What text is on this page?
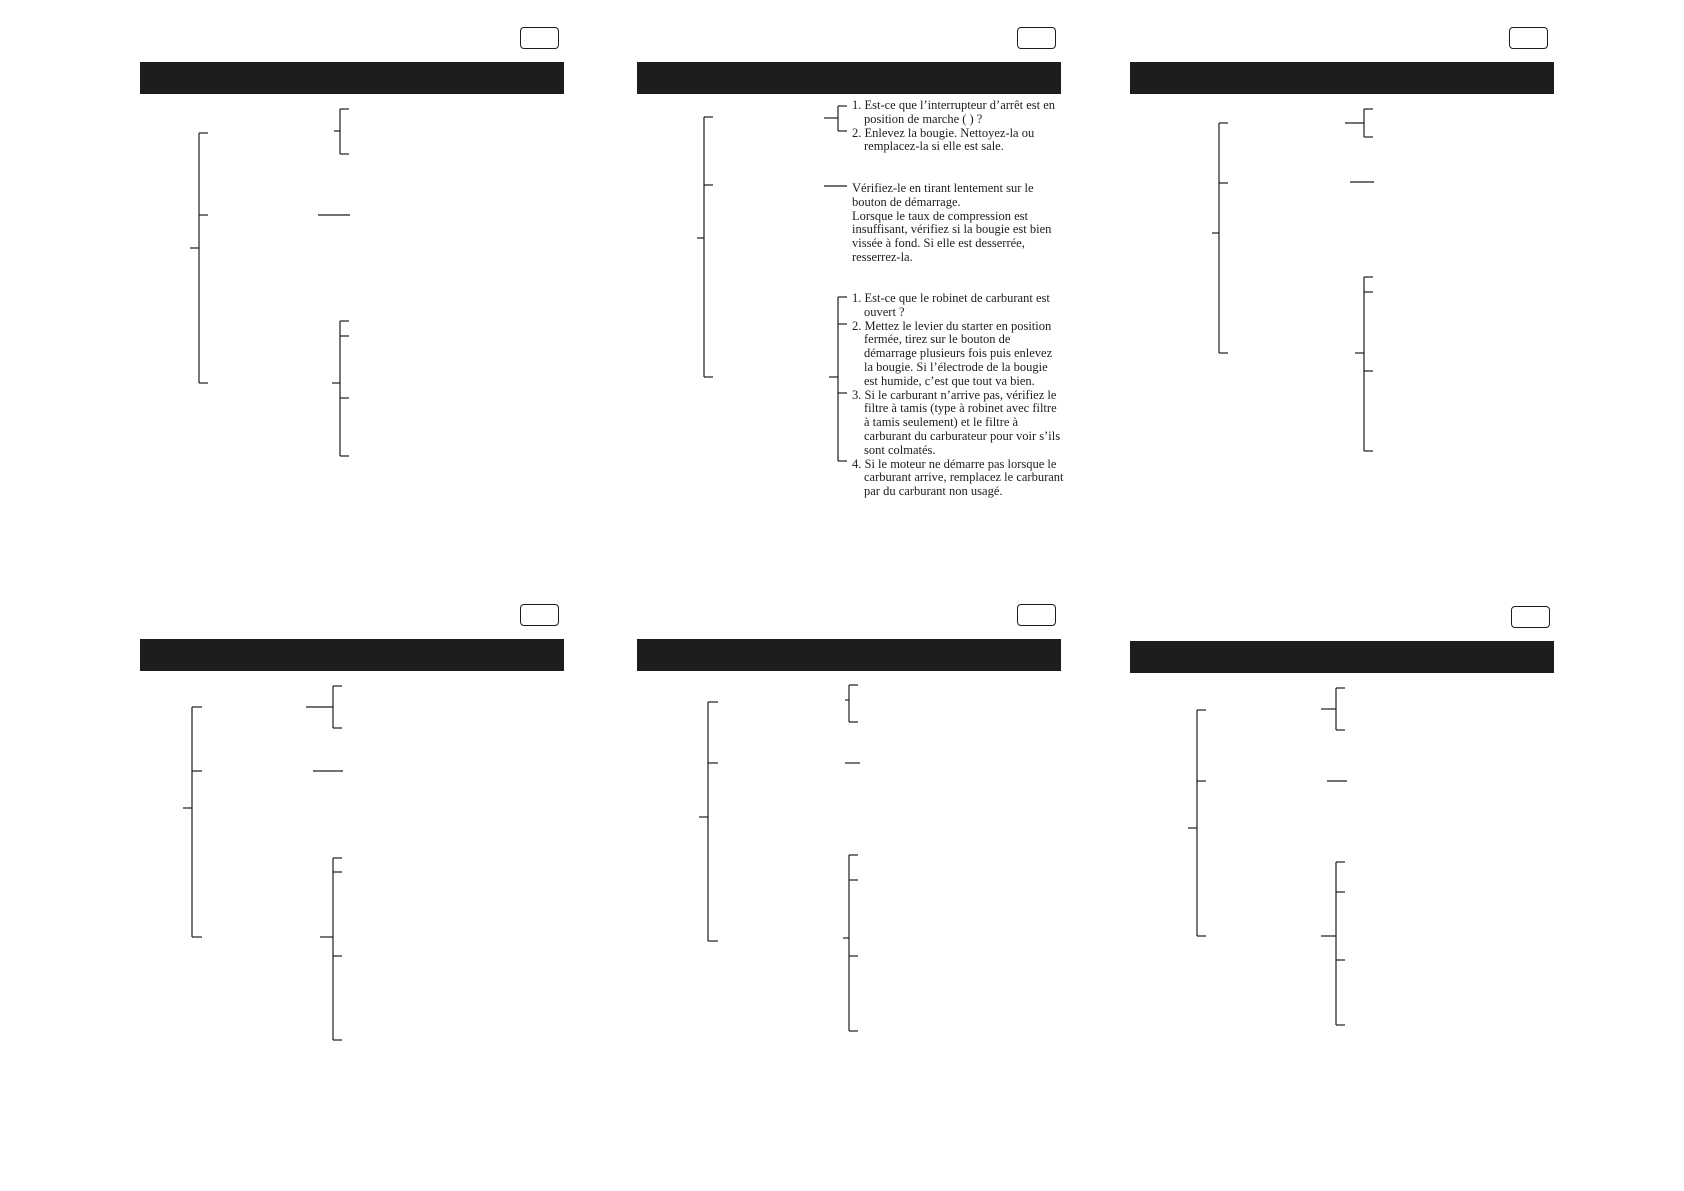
1. Est-ce que l’interrupteur d’arrêt est en position de marche ( ) ?
2. Enlevez la bougie. Nettoyez-la ou remplacez-la si elle est sale.

Vérifiez-le en tirant lentement sur le bouton de démarrage.

Lorsque le taux de compression est insuffisant, vérifiez si la bougie est bien vissée à fond. Si elle est desserrée, resserrez-la.

1. Est-ce que le robinet de carburant est ouvert ?
2. Mettez le levier du starter en position fermée, tirez sur le bouton de démarrage plusieurs fois puis enlevez la bougie. Si l’électrode de la bougie est humide, c’est que tout va bien.
3. Si le carburant n’arrive pas, vérifiez le filtre à tamis (type à robinet avec filtre à tamis seulement) et le filtre à carburant du carburateur pour voir s’ils sont colmatés.
4. Si le moteur ne démarre pas lorsque le carburant arrive, remplacez le carburant par du carburant non usagé.
